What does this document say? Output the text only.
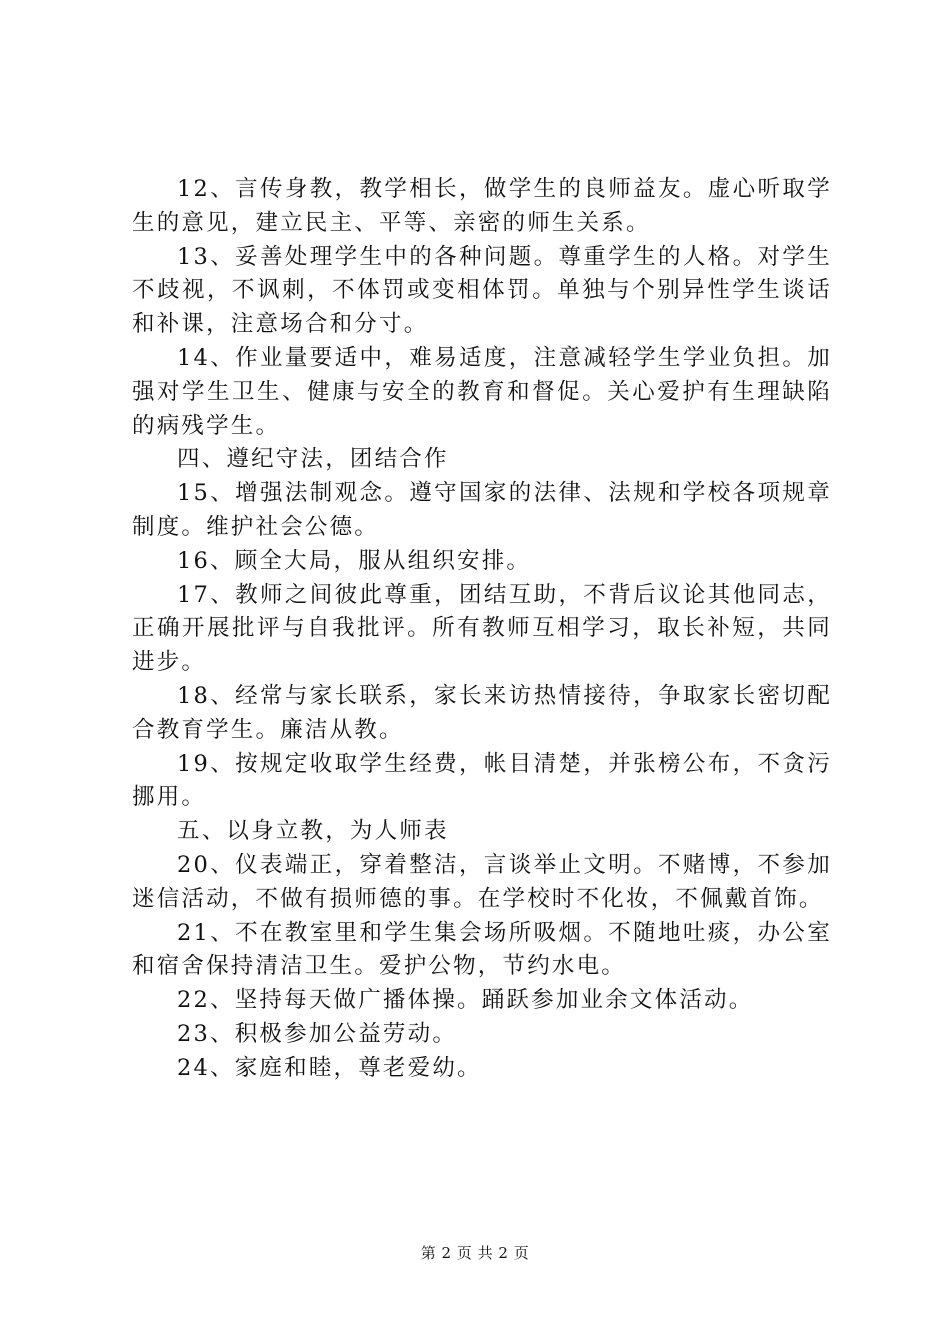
12、言传身教，教学相长，做学生的良师益友。虚心听取学生的意见，建立民主、平等、亲密的师生关系。

13、妥善处理学生中的各种问题。尊重学生的人格。对学生不歧视，不讽刺，不体罚或变相体罚。单独与个别异性学生谈话和补课，注意场合和分寸。

14、作业量要适中，难易适度，注意减轻学生学业负担。加强对学生卫生、健康与安全的教育和督促。关心爱护有生理缺陷的病残学生。

四、遵纪守法，团结合作

15、增强法制观念。遵守国家的法律、法规和学校各项规章制度。维护社会公德。

16、顾全大局，服从组织安排。

17、教师之间彼此尊重，团结互助，不背后议论其他同志，正确开展批评与自我批评。所有教师互相学习，取长补短，共同进步。

18、经常与家长联系，家长来访热情接待，争取家长密切配合教育学生。廉洁从教。

19、按规定收取学生经费，帐目清楚，并张榜公布，不贪污挪用。

五、以身立教，为人师表

20、仪表端正，穿着整洁，言谈举止文明。不赌博，不参加迷信活动，不做有损师德的事。在学校时不化妆，不佩戴首饰。

21、不在教室里和学生集会场所吸烟。不随地吐痰，办公室和宿舍保持清洁卫生。爱护公物，节约水电。

22、坚持每天做广播体操。踊跃参加业余文体活动。

23、积极参加公益劳动。

24、家庭和睦，尊老爱幼。

第 2 页 共 2 页
